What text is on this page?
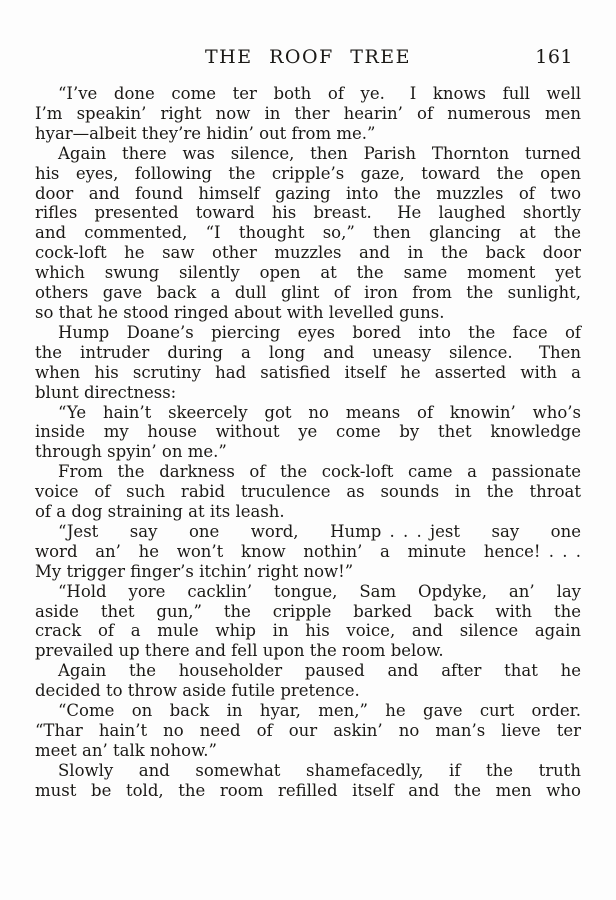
THE ROOF TREE	161
“I’ve done come ter both of ye.  I knows full well
I’m speakin’ right now in ther hearin’ of numerous men
hyar—albeit they’re hidin’ out from me.”
Again there was silence, then Parish Thornton turned
his eyes, following the cripple’s gaze, toward the open
door and found himself gazing into the muzzles of two
rifles presented toward his breast.  He laughed shortly
and commented, “I thought so,” then glancing at the
cock-loft he saw other muzzles and in the back door
which swung silently open at the same moment yet
others gave back a dull glint of iron from the sunlight,
so that he stood ringed about with levelled guns.
Hump Doane’s piercing eyes bored into the face of
the intruder during a long and uneasy silence.  Then
when his scrutiny had satisfied itself he asserted with a
blunt directness:
“Ye hain’t skeercely got no means of knowin’ who’s
inside my house without ye come by thet knowledge
through spyin’ on me.”
From the darkness of the cock-loft came a passionate
voice of such rabid truculence as sounds in the throat
of a dog straining at its leash.
“Jest say one word, Hump . . . jest say one
word an’ he won’t know nothin’ a minute hence! . . .
My trigger finger’s itchin’ right now!”
“Hold yore cacklin’ tongue, Sam Opdyke, an’ lay
aside thet gun,” the cripple barked back with the
crack of a mule whip in his voice, and silence again
prevailed up there and fell upon the room below.
Again the householder paused and after that he
decided to throw aside futile pretence.
“Come on back in hyar, men,” he gave curt order.
“Thar hain’t no need of our askin’ no man’s lieve ter
meet an’ talk nohow.”
Slowly and somewhat shamefacedly, if the truth
must be told, the room refilled itself and the men who
